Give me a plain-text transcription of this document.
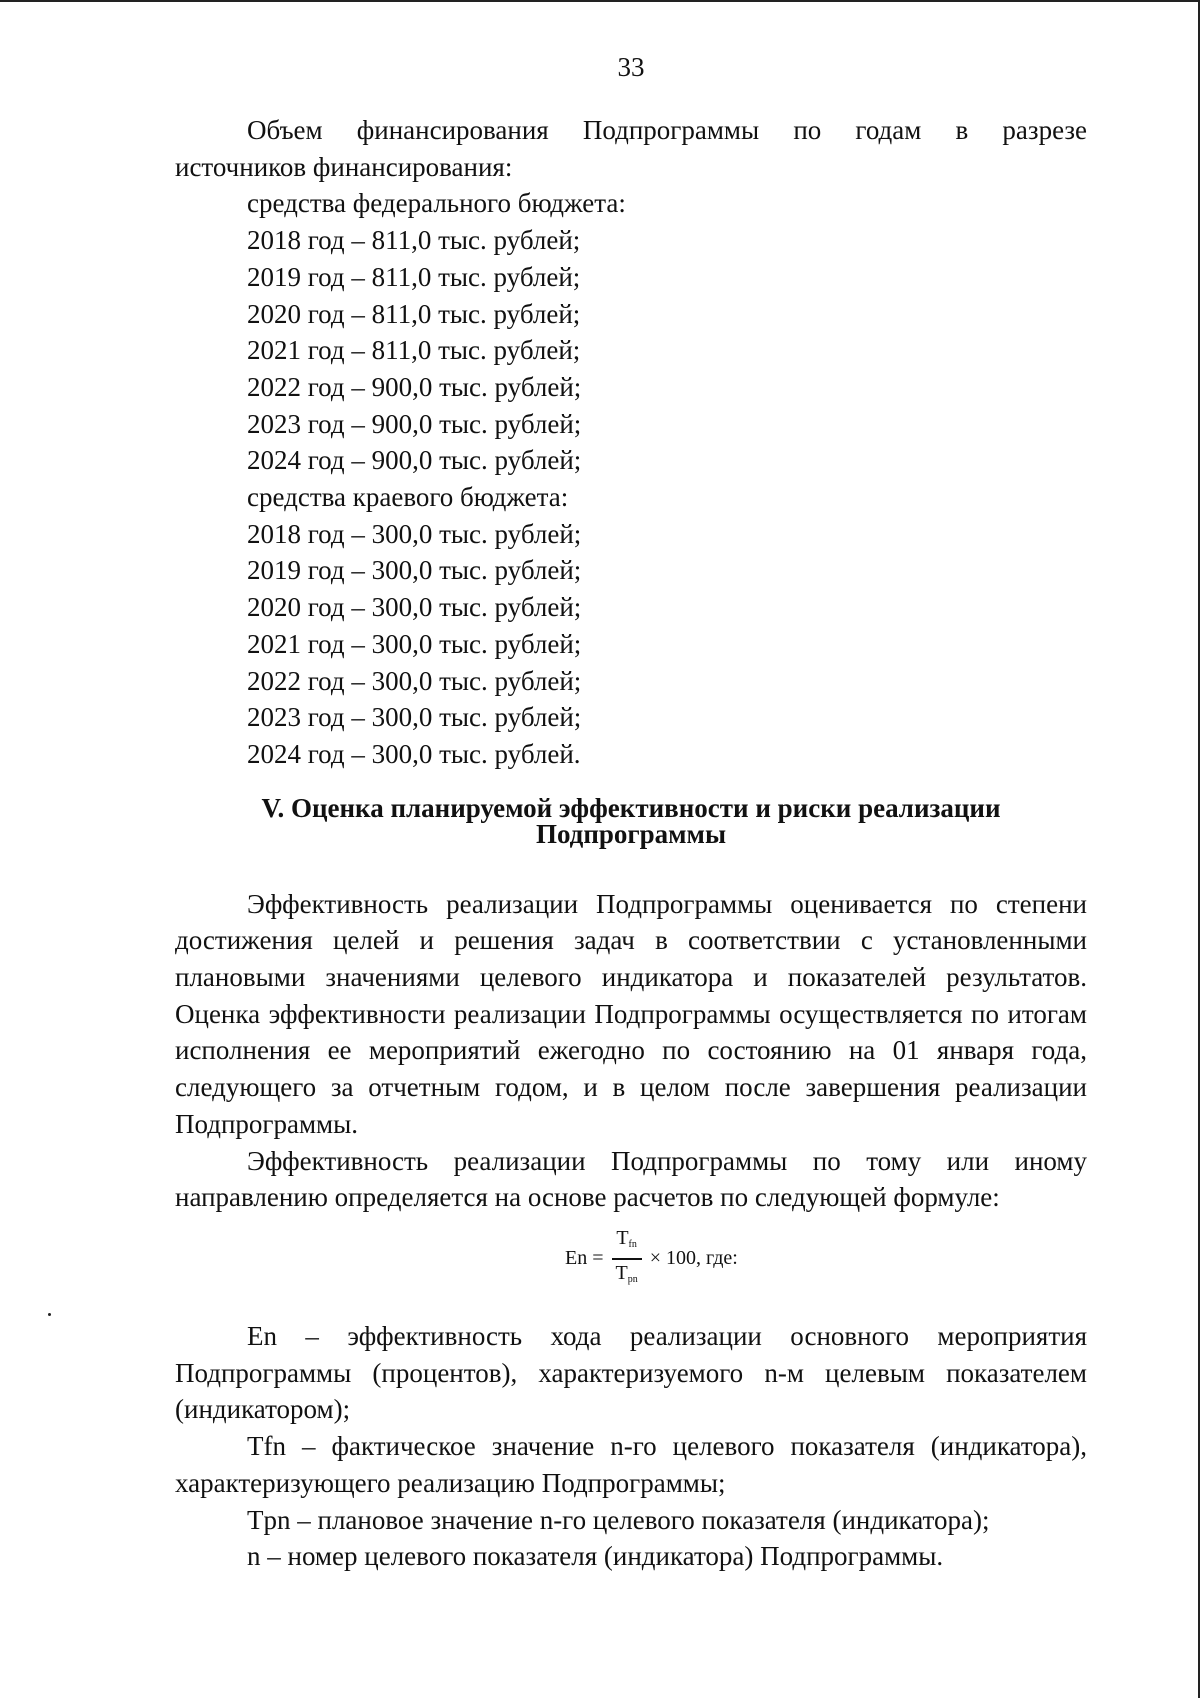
33

Объем финансирования Подпрограммы по годам в разрезе

источников финансирования:

средства федерального бюджета:

2018 год – 811,0 тыс. рублей;

2019 год – 811,0 тыс. рублей;

2020 год – 811,0 тыс. рублей;

2021 год – 811,0 тыс. рублей;

2022 год – 900,0 тыс. рублей;

2023 год – 900,0 тыс. рублей;

2024 год – 900,0 тыс. рублей;

средства краевого бюджета:

2018 год – 300,0 тыс. рублей;

2019 год – 300,0 тыс. рублей;

2020 год – 300,0 тыс. рублей;

2021 год – 300,0 тыс. рублей;

2022 год – 300,0 тыс. рублей;

2023 год – 300,0 тыс. рублей;

2024 год – 300,0 тыс. рублей.

V. Оценка планируемой эффективности и риски реализации
Подпрограммы

Эффективность реализации Подпрограммы оценивается по степени достижения целей и решения задач в соответствии с установленными плановыми значениями целевого индикатора и показателей результатов. Оценка эффективности реализации Подпрограммы осуществляется по итогам исполнения ее мероприятий ежегодно по состоянию на 01 января года, следующего за отчетным годом, и в целом после завершения реализации Подпрограммы.

Эффективность реализации Подпрограммы по тому или иному направлению определяется на основе расчетов по следующей формуле:

$En = \frac{T_{fn}}{T_{pn}} \times 100$, где:

En – эффективность хода реализации основного мероприятия Подпрограммы (процентов), характеризуемого n-м целевым показателем (индикатором);

Tfn – фактическое значение n-го целевого показателя (индикатора), характеризующего реализацию Подпрограммы;

Tpn – плановое значение n-го целевого показателя (индикатора);

n – номер целевого показателя (индикатора) Подпрограммы.
